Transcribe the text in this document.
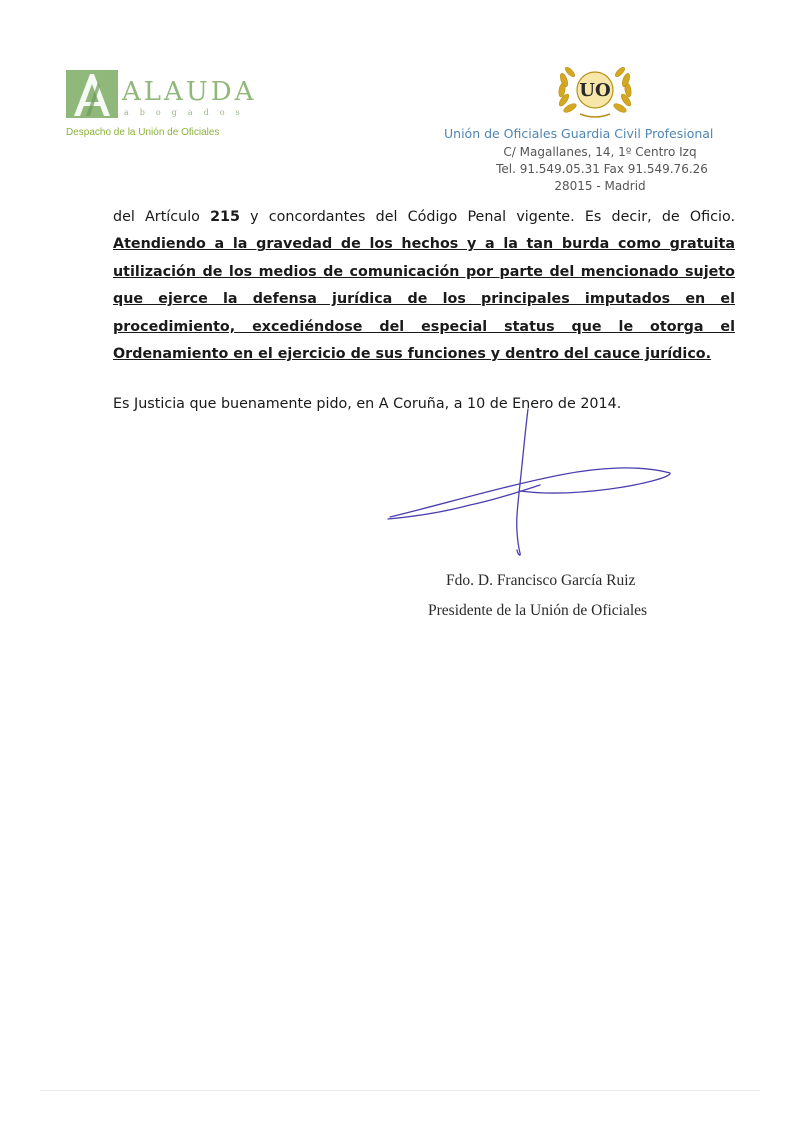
ALAUDA
abogados
Despacho de la Unión de Oficiales
UO
Unión de Oficiales Guardia Civil Profesional
C/ Magallanes, 14, 1º Centro Izq
Tel. 91.549.05.31 Fax 91.549.76.26
28015 - Madrid
del Artículo 215 y concordantes del Código Penal vigente. Es decir, de Oficio.
Atendiendo a la gravedad de los hechos y a la tan burda como gratuita utilización de los medios de comunicación por parte del mencionado sujeto que ejerce la defensa jurídica de los principales imputados en el procedimiento, excediéndose del especial status que le otorga el Ordenamiento en el ejercicio de sus funciones y dentro del cauce jurídico.
Es Justicia que buenamente pido, en A Coruña, a 10 de Enero de 2014.
Fdo. D. Francisco García Ruiz
Presidente de la Unión de Oficiales
